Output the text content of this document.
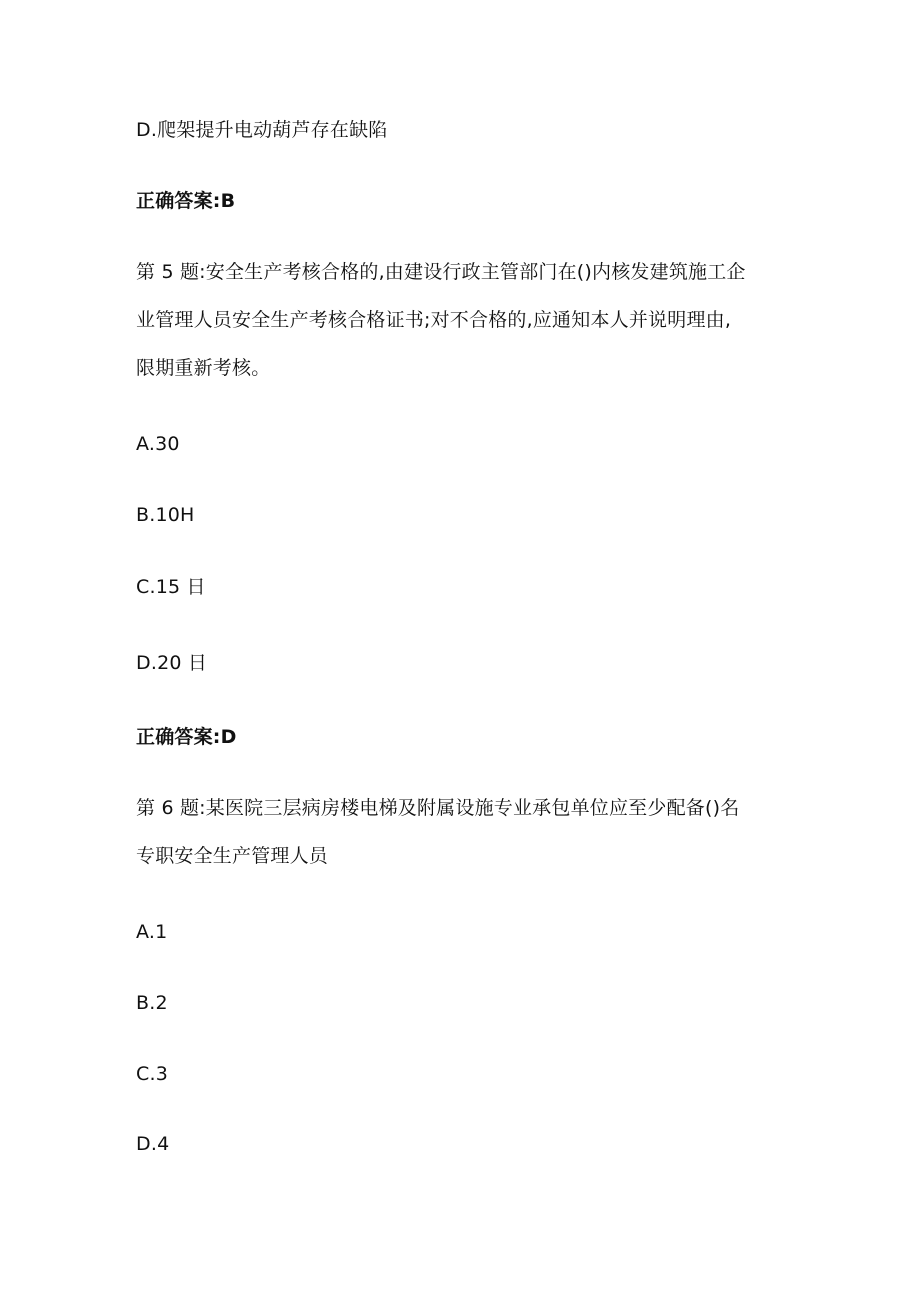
D.爬架提升电动葫芦存在缺陷
正确答案:B
第 5 题:安全生产考核合格的,由建设行政主管部门在()内核发建筑施工企
业管理人员安全生产考核合格证书;对不合格的,应通知本人并说明理由,
限期重新考核。
A.30
B.10H
C.15 日
D.20 日
正确答案:D
第 6 题:某医院三层病房楼电梯及附属设施专业承包单位应至少配备()名
专职安全生产管理人员
A.1
B.2
C.3
D.4
